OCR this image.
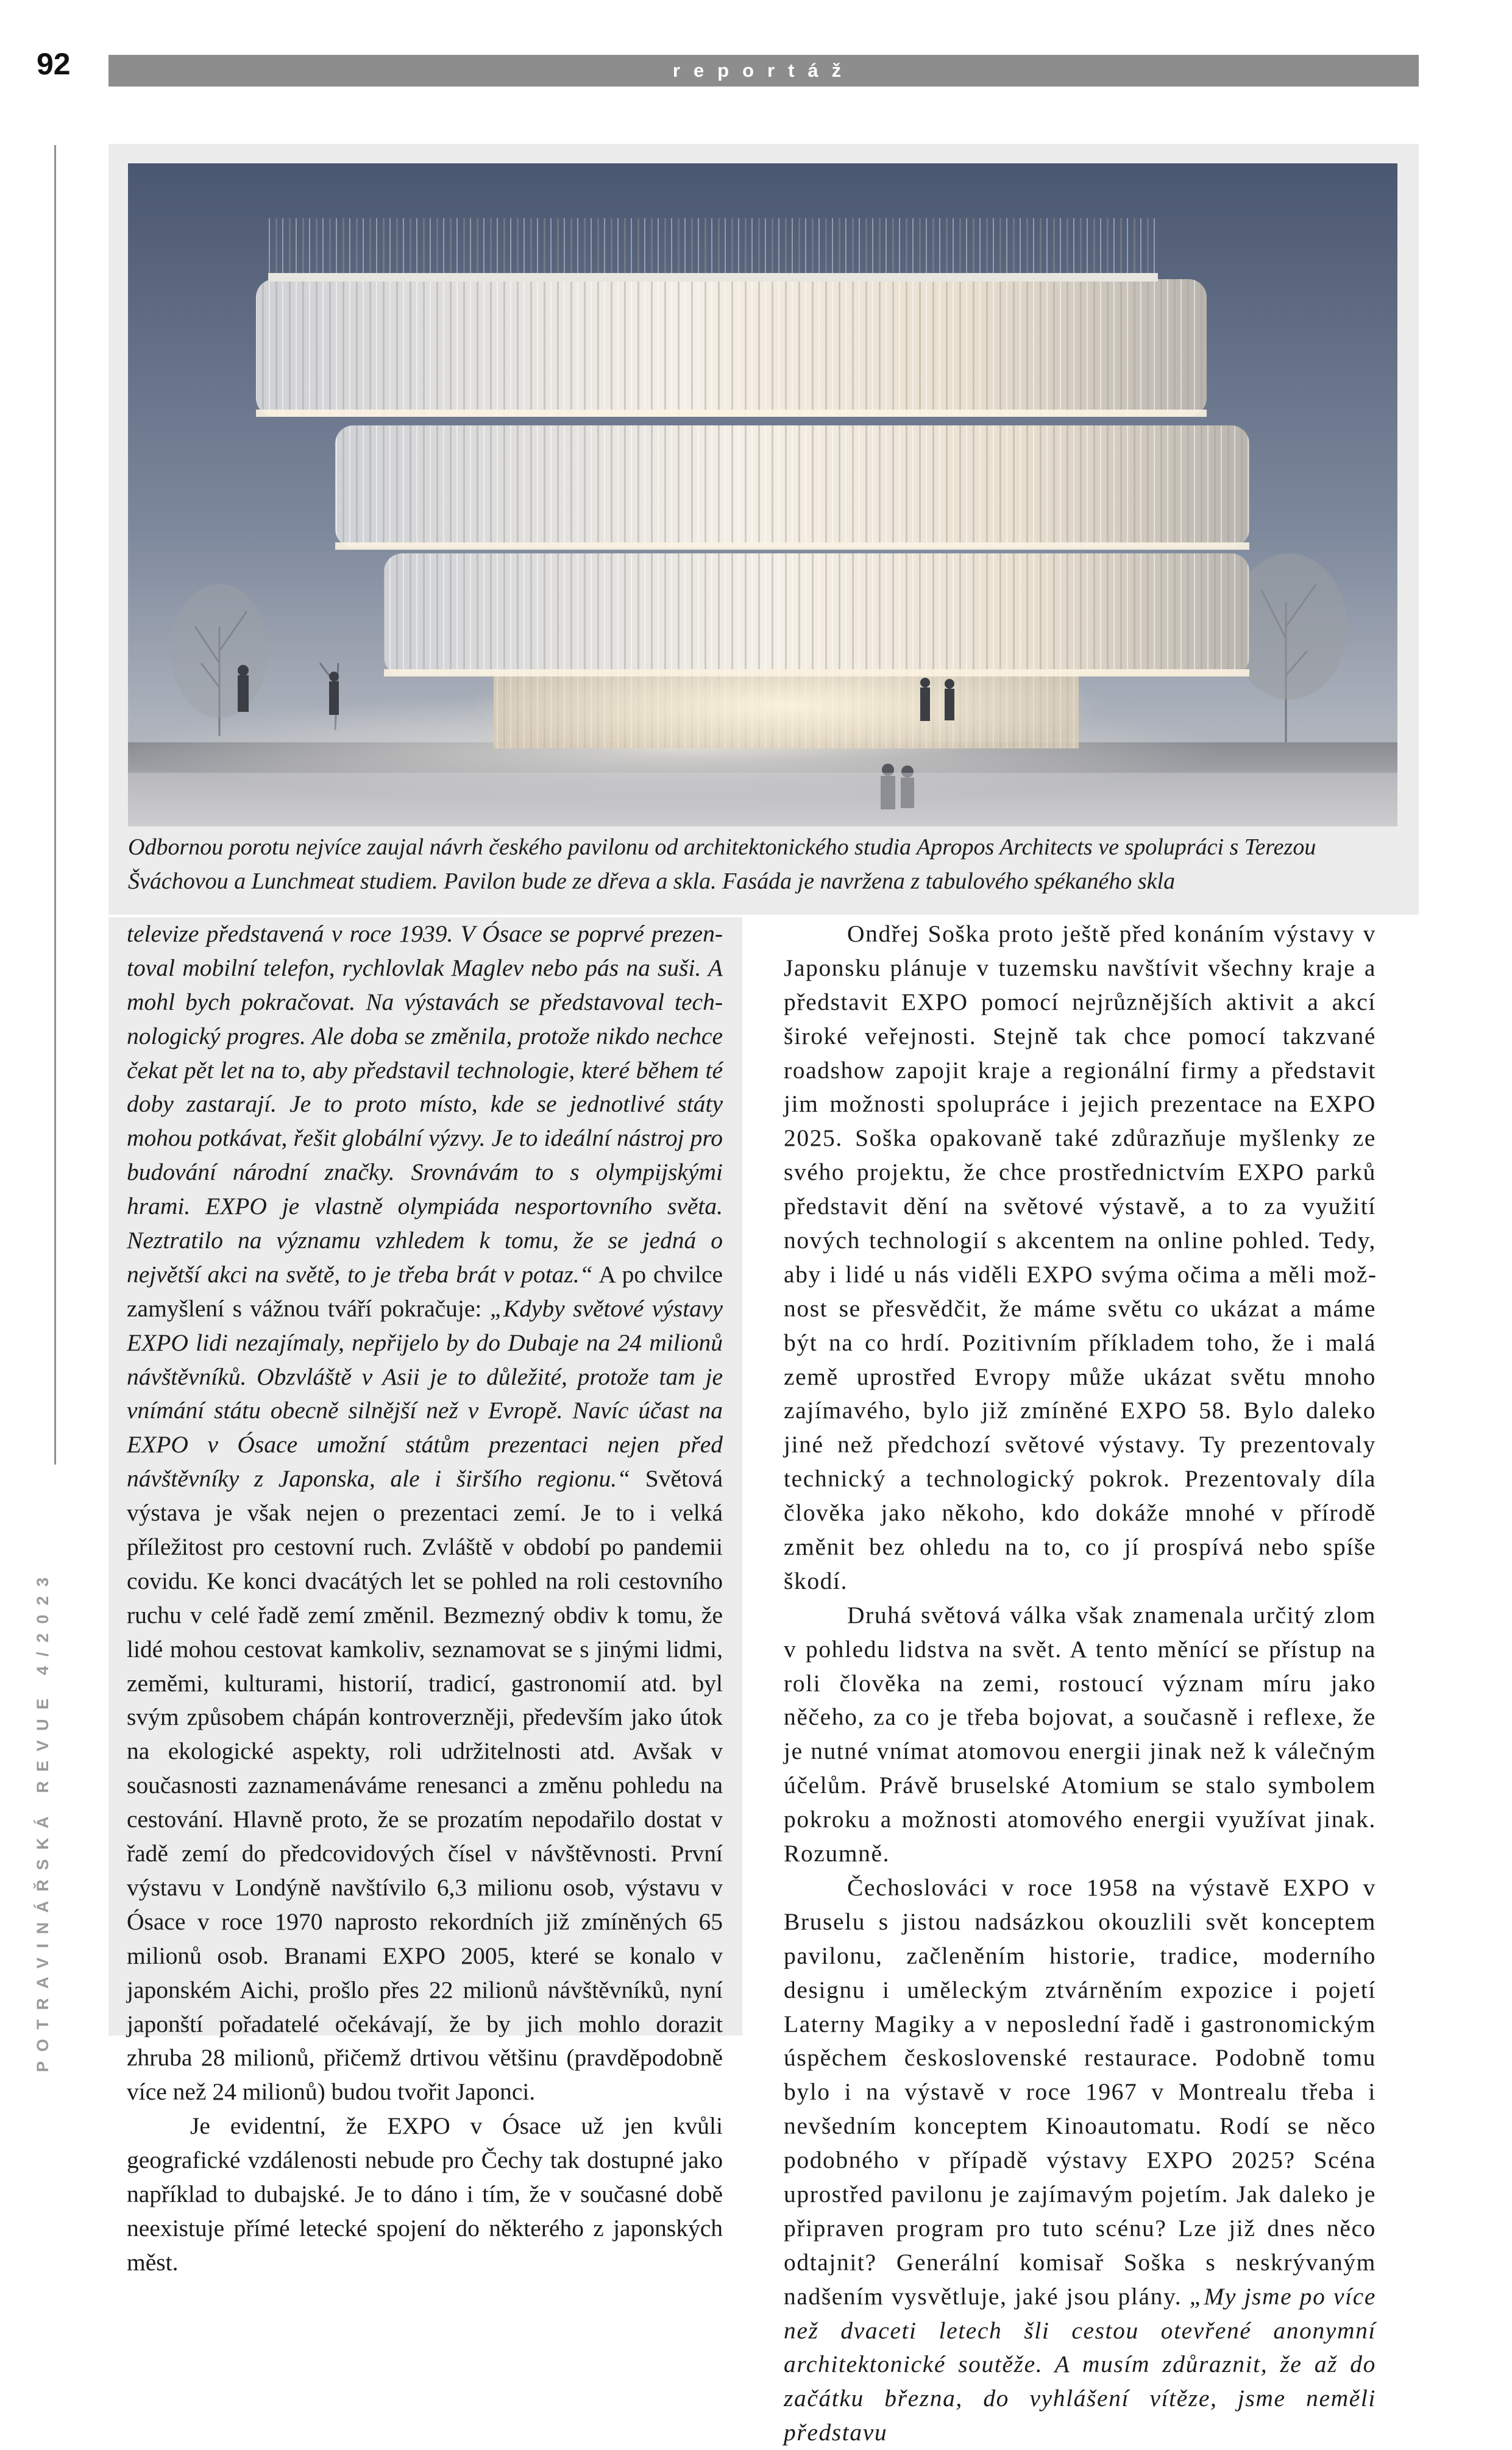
92	reportáž
POTRAVINÁŘSKÁ REVUE 4/2023
Odbornou porotu nejvíce zaujal návrh českého pavilonu od architektonického studia Apropos Architects ve spolupráci s Terezou Šváchovou a Lunchmeat studiem. Pavilon bude ze dřeva a skla. Fasáda je navržena z tabulového spékaného skla

televize představená v roce 1939. V Ósace se poprvé prezentoval mobilní telefon, rychlovlak Maglev nebo pás na suši. A mohl bych pokračovat. Na výstavách se představoval technologický progres. Ale doba se změnila, protože nikdo nechce čekat pět let na to, aby představil technologie, které během té doby zastarají. Je to proto místo, kde se jednotlivé státy mohou potkávat, řešit globální výzvy. Je to ideální nástroj pro budování národní značky. Srovnávám to s olympijskými hrami. EXPO je vlastně olympiáda nesportovního světa. Neztratilo na významu vzhledem k tomu, že se jedná o největší akci na světě, to je třeba brát v potaz.“ A po chvilce zamyšlení s vážnou tváří pokračuje: „Kdyby světové výstavy EXPO lidi nezajímaly, nepřijelo by do Dubaje na 24 milionů návštěvníků. Obzvláště v Asii je to důležité, protože tam je vnímání státu obecně silnější než v Evropě. Navíc účast na EXPO v Ósace umožní státům prezentaci nejen před návštěvníky z Japonska, ale i širšího regionu.“ Světová výstava je však nejen o prezentaci zemí. Je to i velká příležitost pro cestovní ruch. Zvláště v období po pandemii covidu. Ke konci dvacátých let se pohled na roli cestovního ruchu v celé řadě zemí změnil. Bezmezný obdiv k tomu, že lidé mohou cestovat kamkoliv, seznamovat se s jinými lidmi, zeměmi, kulturami, historií, tradicí, gastronomií atd. byl svým způsobem chápán kontroverzněji, především jako útok na ekologické aspekty, roli udržitelnosti atd. Avšak v současnosti zaznamenáváme renesanci a změnu pohledu na cestování. Hlavně proto, že se prozatím nepodařilo dostat v řadě zemí do předcovidových čísel v návštěvnosti. První výstavu v Londýně navštívilo 6,3 milionu osob, výstavu v Ósace v roce 1970 naprosto rekordních již zmíněných 65 milionů osob. Branami EXPO 2005, které se konalo v japonském Aichi, prošlo přes 22 milionů návštěvníků, nyní japonští pořadatelé očekávají, že by jich mohlo dorazit zhruba 28 milionů, přičemž drtivou většinu (pravděpodobně více než 24 milionů) budou tvořit Japonci.

Je evidentní, že EXPO v Ósace už jen kvůli geografické vzdálenosti nebude pro Čechy tak dostupné jako například to dubajské. Je to dáno i tím, že v současné době neexistuje přímé letecké spojení do některého z japonských měst.

Ondřej Soška proto ještě před konáním výstavy v Japonsku plánuje v tuzemsku navštívit všechny kraje a představit EXPO pomocí nejrůznějších aktivit a akcí široké veřejnosti. Stejně tak chce pomocí takzvané roadshow zapojit kraje a regionální firmy a představit jim možnosti spolupráce i jejich prezentace na EXPO 2025. Soška opakovaně také zdůrazňuje myšlenky ze svého projektu, že chce prostřednictvím EXPO parků představit dění na světové výstavě, a to za využití nových technologií s akcentem na online pohled. Tedy, aby i lidé u nás viděli EXPO svýma očima a měli možnost se přesvědčit, že máme světu co ukázat a máme být na co hrdí. Pozitivním příkladem toho, že i malá země uprostřed Evropy může ukázat světu mnoho zajímavého, bylo již zmíněné EXPO 58. Bylo daleko jiné než předchozí světové výstavy. Ty prezentovaly technický a technologický pokrok. Prezentovaly díla člověka jako někoho, kdo dokáže mnohé v přírodě změnit bez ohledu na to, co jí prospívá nebo spíše škodí.

Druhá světová válka však znamenala určitý zlom v pohledu lidstva na svět. A tento měnící se přístup na roli člověka na zemi, rostoucí význam míru jako něčeho, za co je třeba bojovat, a současně i reflexe, že je nutné vnímat atomovou energii jinak než k válečným účelům. Právě bruselské Atomium se stalo symbolem pokroku a možnosti atomového energii využívat jinak. Rozumně.

Čechoslováci v roce 1958 na výstavě EXPO v Bruselu s jistou nadsázkou okouzlili svět konceptem pavilonu, začleněním historie, tradice, moderního designu i uměleckým ztvárněním expozice i pojetí Laterny Magiky a v neposlední řadě i gastronomickým úspěchem československé restaurace. Podobně tomu bylo i na výstavě v roce 1967 v Montrealu třeba i nevšedním konceptem Kinoautomatu. Rodí se něco podobného v případě výstavy EXPO 2025? Scéna uprostřed pavilonu je zajímavým pojetím. Jak daleko je připraven program pro tuto scénu? Lze již dnes něco odtajnit? Generální komisař Soška s neskrývaným nadšením vysvětluje, jaké jsou plány. „My jsme po více než dvaceti letech šli cestou otevřené anonymní architektonické soutěže. A musím zdůraznit, že až do začátku března, do vyhlášení vítěze, jsme neměli představu
